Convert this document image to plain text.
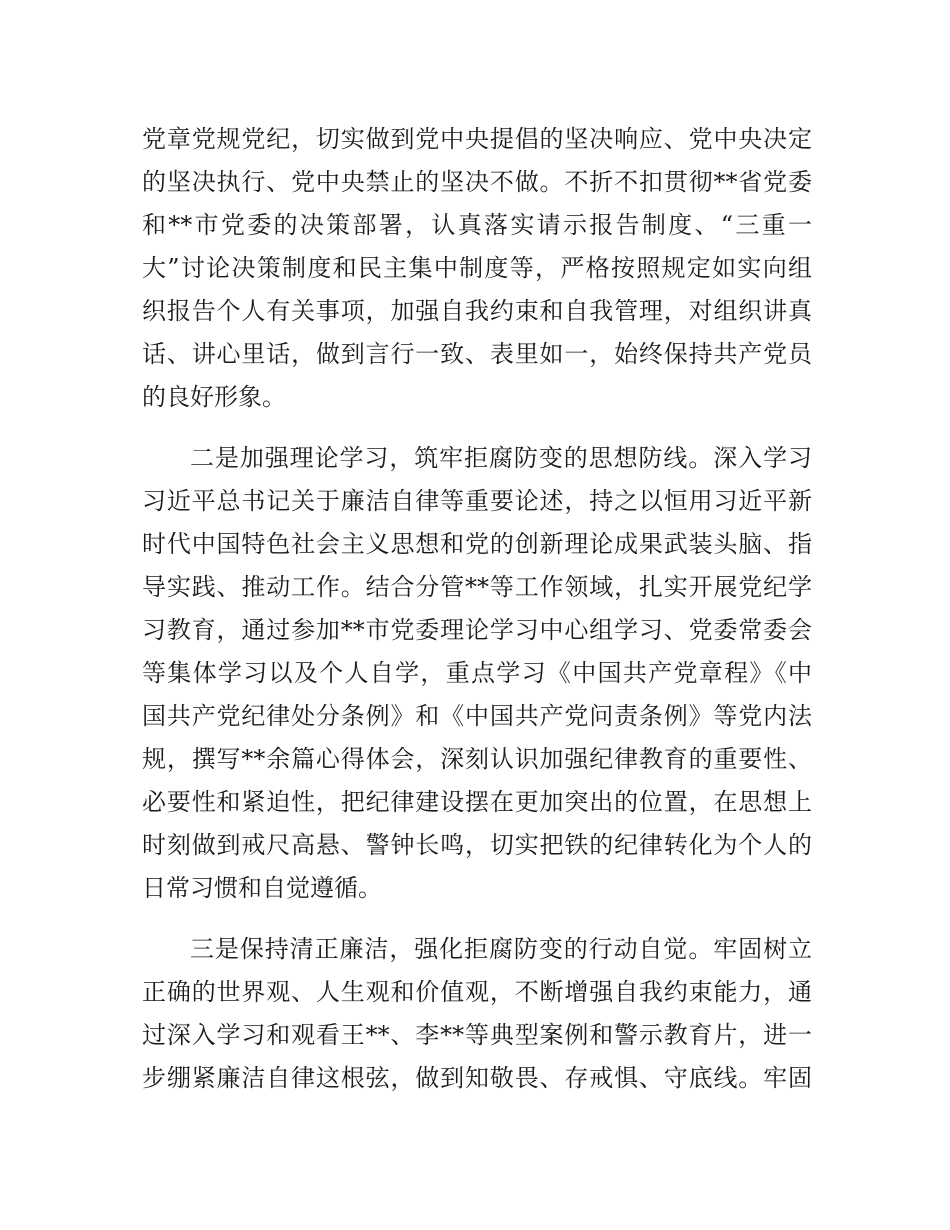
党章党规党纪，切实做到党中央提倡的坚决响应、党中央决定
的坚决执行、党中央禁止的坚决不做。不折不扣贯彻**省党委
和**市党委的决策部署，认真落实请示报告制度、“三重一
大”讨论决策制度和民主集中制度等，严格按照规定如实向组
织报告个人有关事项，加强自我约束和自我管理，对组织讲真
话、讲心里话，做到言行一致、表里如一，始终保持共产党员
的良好形象。
二是加强理论学习，筑牢拒腐防变的思想防线。深入学习
习近平总书记关于廉洁自律等重要论述，持之以恒用习近平新
时代中国特色社会主义思想和党的创新理论成果武装头脑、指
导实践、推动工作。结合分管**等工作领域，扎实开展党纪学
习教育，通过参加**市党委理论学习中心组学习、党委常委会
等集体学习以及个人自学，重点学习《中国共产党章程》《中
国共产党纪律处分条例》和《中国共产党问责条例》等党内法
规，撰写**余篇心得体会，深刻认识加强纪律教育的重要性、
必要性和紧迫性，把纪律建设摆在更加突出的位置，在思想上
时刻做到戒尺高悬、警钟长鸣，切实把铁的纪律转化为个人的
日常习惯和自觉遵循。
三是保持清正廉洁，强化拒腐防变的行动自觉。牢固树立
正确的世界观、人生观和价值观，不断增强自我约束能力，通
过深入学习和观看王**、李**等典型案例和警示教育片，进一
步绷紧廉洁自律这根弦，做到知敬畏、存戒惧、守底线。牢固
